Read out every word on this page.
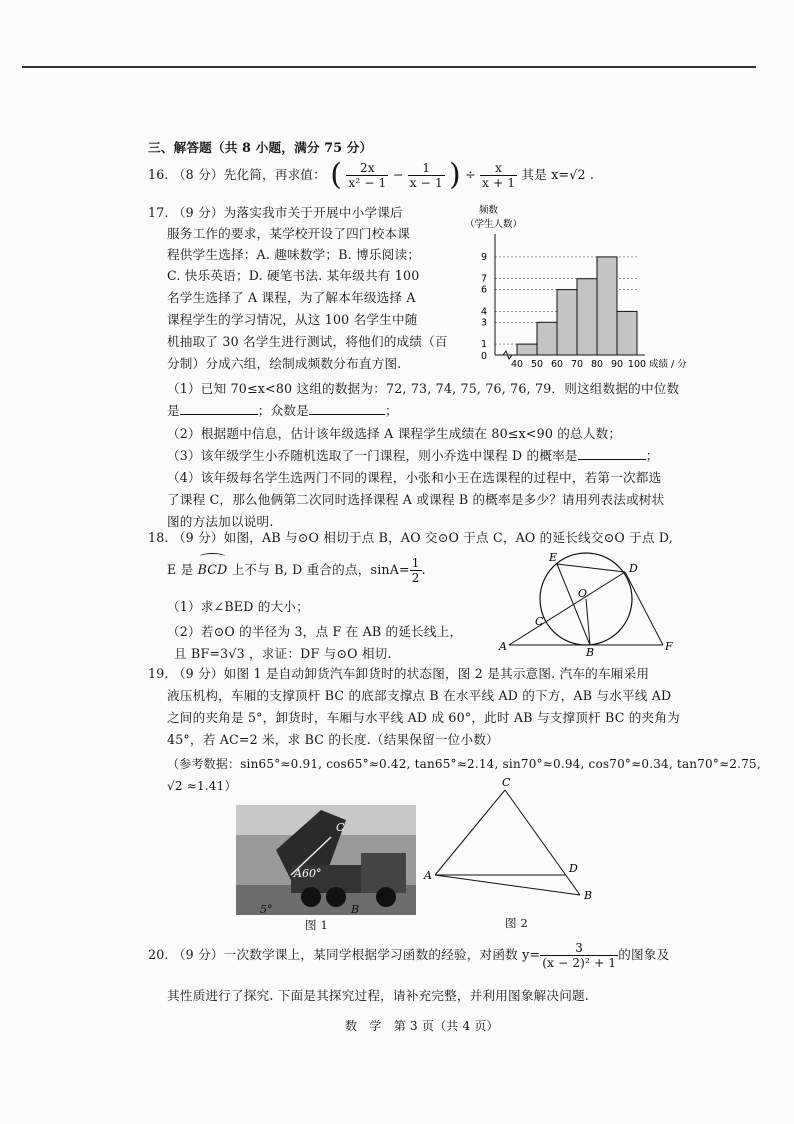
三、解答题（共 8 小题，满分 75 分）
16. （8 分）先化简，再求值： ( $\frac{2x}{\text{x² − 1}} - \frac{1}{x - 1}$ ) ÷ $\frac{x}{x + 1}$ 其是 x=√2 .
17. （9 分）为落实我市关于开展中小学课后
服务工作的要求，某学校开设了四门校本课
程供学生选择：A. 趣味数学；B. 博乐阅读；
C. 快乐英语；D. 硬笔书法. 某年级共有 100
名学生选择了 A 课程，为了解本年级选择 A
课程学生的学习情况，从这 100 名学生中随
机抽取了 30 名学生进行测试，将他们的成绩（百
分制）分成六组，绘制成频数分布直方图.
频数
（学生人数）
1
3
4
6
7
9
40 50 60 70 80 90 100
0
成绩 / 分
（1）已知 70≤x<80 这组的数据为：72, 73, 74, 75, 76, 76, 79．则这组数据的中位数
是	；众数是	；
（2）根据题中信息，估计该年级选择 A 课程学生成绩在 80≤x<90 的总人数；
（3）该年级学生小乔随机选取了一门课程，则小乔选中课程 D 的概率是	；
（4）该年级每名学生选两门不同的课程，小张和小王在选课程的过程中，若第一次都选
了课程 C，那么他俩第二次同时选择课程 A 或课程 B 的概率是多少？请用列表法或树状
图的方法加以说明.
18. （9 分）如图，AB 与⊙O 相切于点 B，AO 交⊙O 于点 C，AO 的延长线交⊙O 于点 D,
E 是
BCD 上不与 B, D 重合的点，$\sin A= \frac{1}{2}$ .
（1）求∠BED 的大小；
（2）若⊙O 的半径为 3，点 F 在 AB 的延长线上，
且 BF=3√3 ，求证：DF 与⊙O 相切.
E
D
O
C
A	B	F
19. （9 分）如图 1 是自动卸货汽车卸货时的状态图，图 2 是其示意图. 汽车的车厢采用
液压机构，车厢的支撑顶杆 BC 的底部支撑点 B 在水平线 AD 的下方，AB 与水平线 AD
之间的夹角是 5°，卸货时，车厢与水平线 AD 成 60°，此时 AB 与支撑顶杆 BC 的夹角为
45°，若 AC=2 米，求 BC 的长度.（结果保留一位小数）
（参考数据：sin65°≈0.91, cos65°≈0.42, tan65°≈2.14, sin70°≈0.94, cos70°≈0.34, tan70°≈2.75,
√2 ≈1.41）
C
A60°
5°	B
图 1
C
A
D
B
图 2
20. （9 分）一次数学课上，某同学根据学习函数的经验，对函数 $y= \frac{3}{\text{(x − 2)² + 1}}$ 的图象及
其性质进行了探究. 下面是其探究过程，请补充完整，并利用图象解决问题.
数　学　第 3 页（共 4 页）
